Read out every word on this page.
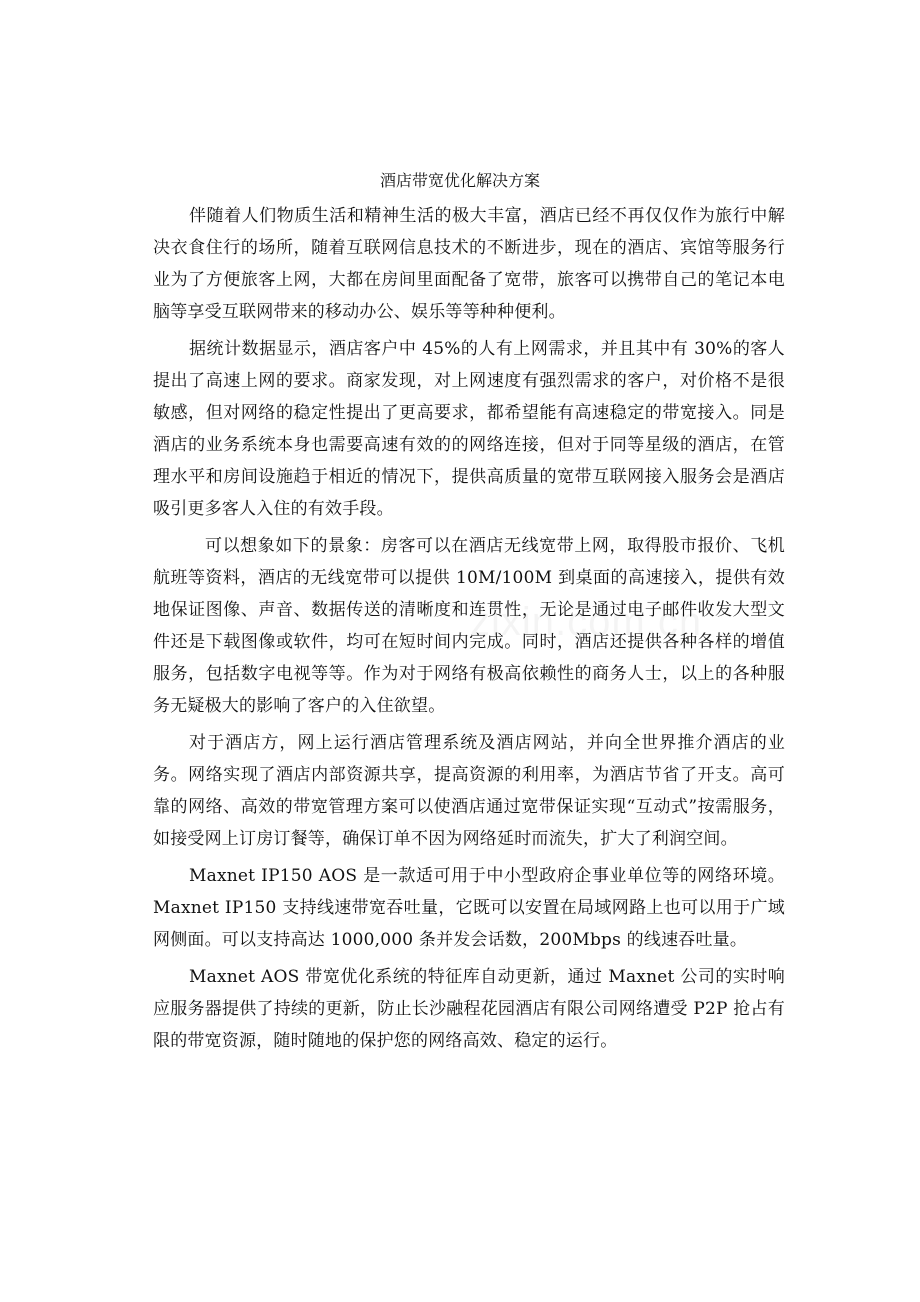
酒店带宽优化解决方案

伴随着人们物质生活和精神生活的极大丰富，酒店已经不再仅仅作为旅行中解决衣食住行的场所，随着互联网信息技术的不断进步，现在的酒店、宾馆等服务行业为了方便旅客上网，大都在房间里面配备了宽带，旅客可以携带自己的笔记本电脑等享受互联网带来的移动办公、娱乐等等种种便利。

据统计数据显示，酒店客户中 45%的人有上网需求，并且其中有 30%的客人提出了高速上网的要求。商家发现，对上网速度有强烈需求的客户，对价格不是很敏感，但对网络的稳定性提出了更高要求，都希望能有高速稳定的带宽接入。同是酒店的业务系统本身也需要高速有效的的网络连接，但对于同等星级的酒店，在管理水平和房间设施趋于相近的情况下，提供高质量的宽带互联网接入服务会是酒店吸引更多客人入住的有效手段。

可以想象如下的景象：房客可以在酒店无线宽带上网，取得股市报价、飞机航班等资料，酒店的无线宽带可以提供 10M/100M 到桌面的高速接入，提供有效地保证图像、声音、数据传送的清晰度和连贯性，无论是通过电子邮件收发大型文件还是下载图像或软件，均可在短时间内完成。同时，酒店还提供各种各样的增值服务，包括数字电视等等。作为对于网络有极高依赖性的商务人士，以上的各种服务无疑极大的影响了客户的入住欲望。

对于酒店方，网上运行酒店管理系统及酒店网站，并向全世界推介酒店的业务。网络实现了酒店内部资源共享，提高资源的利用率，为酒店节省了开支。高可靠的网络、高效的带宽管理方案可以使酒店通过宽带保证实现“互动式”按需服务，如接受网上订房订餐等，确保订单不因为网络延时而流失，扩大了利润空间。

Maxnet IP150 AOS 是一款适可用于中小型政府企事业单位等的网络环境。Maxnet IP150 支持线速带宽吞吐量，它既可以安置在局域网路上也可以用于广域网侧面。可以支持高达 1000,000 条并发会话数，200Mbps 的线速吞吐量。

Maxnet AOS 带宽优化系统的特征库自动更新，通过 Maxnet 公司的实时响应服务器提供了持续的更新，防止长沙融程花园酒店有限公司网络遭受 P2P 抢占有限的带宽资源，随时随地的保护您的网络高效、稳定的运行。
